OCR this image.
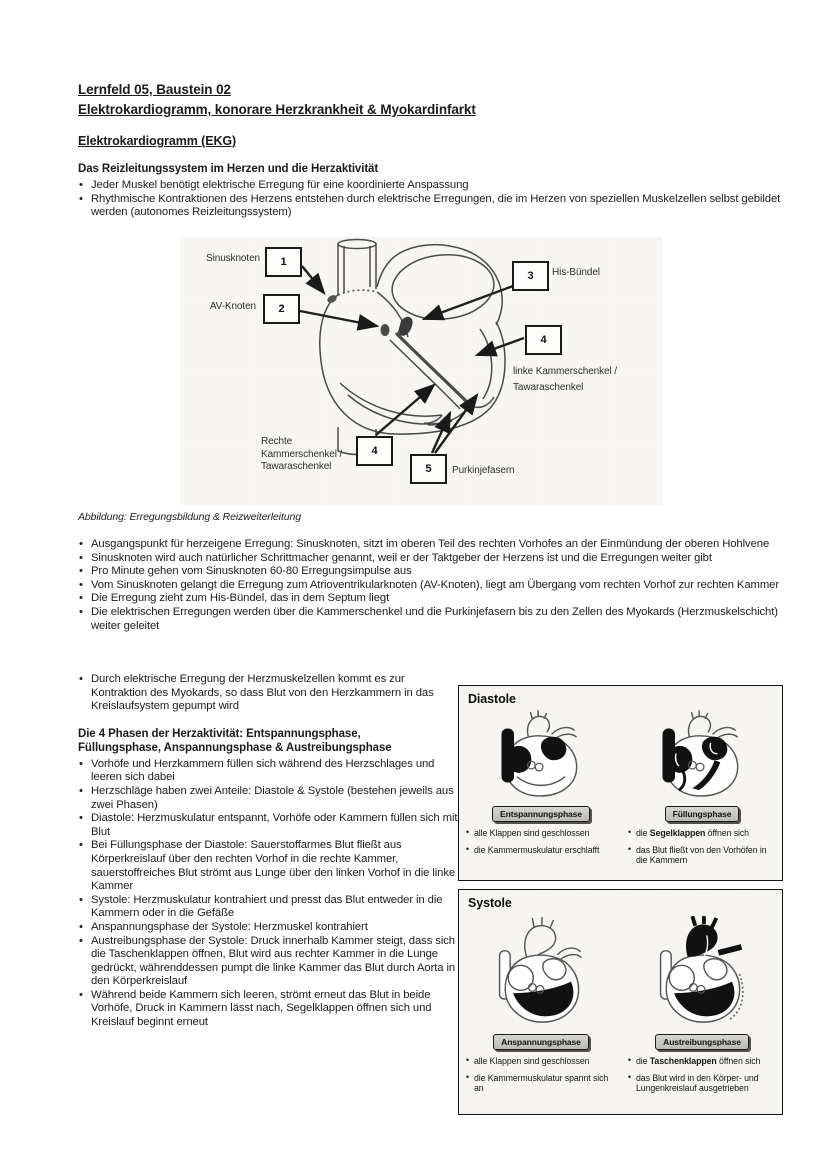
Lernfeld 05, Baustein 02
Elektrokardiogramm, konorare Herzkrankheit & Myokardinfarkt
Elektrokardiogramm (EKG)
Das Reizleitungssystem im Herzen und die Herzaktivität
• Jeder Muskel benötigt elektrische Erregung für eine koordinierte Anspassung
• Rhythmische Kontraktionen des Herzens entstehen durch elektrische Erregungen, die im Herzen von speziellen Muskelzellen selbst gebildet werden (autonomes Reizleitungssystem)
1
2
3
4
4
5
Sinusknoten
AV-Knoten
His-Bündel
linke Kammerschenkel /
Tawaraschenkel
Rechte
Kammerschenkel /
Tawaraschenkel	Purkinjefasern
Abbildung: Erregungsbildung & Reizweiterleitung
• Ausgangspunkt für herzeigene Erregung: Sinusknoten, sitzt im oberen Teil des rechten Vorhofes an der Einmündung der oberen Hohlvene
• Sinusknoten wird auch natürlicher Schrittmacher genannt, weil er der Taktgeber der Herzens ist und die Erregungen weiter gibt
• Pro Minute gehen vom Sinusknoten 60-80 Erregungsimpulse aus
• Vom Sinusknoten gelangt die Erregung zum Atrioventrikularknoten (AV-Knoten), liegt am Übergang vom rechten Vorhof zur rechten Kammer
• Die Erregung zieht zum His-Bündel, das in dem Septum liegt
• Die elektrischen Erregungen werden über die Kammerschenkel und die Purkinjefasern bis zu den Zellen des Myokards (Herzmuskelschicht) weiter geleitet
• Durch elektrische Erregung der Herzmuskelzellen kommt es zur Kontraktion des Myokards, so dass Blut von den Herzkammern in das Kreislaufsystem gepumpt wird
Die 4 Phasen der Herzaktivität: Entspannungsphase,
Füllungsphase, Anspannungsphase & Austreibungsphase
• Vorhöfe und Herzkammern füllen sich während des Herzschlages und leeren sich dabei
• Herzschläge haben zwei Anteile: Diastole & Systole (bestehen jeweils aus zwei Phasen)
• Diastole: Herzmuskulatur entspannt, Vorhöfe oder Kammern füllen sich mit Blut
• Bei Füllungsphase der Diastole: Sauerstoffarmes Blut fließt aus Körperkreislauf über den rechten Vorhof in die rechte Kammer, sauerstoffreiches Blut strömt aus Lunge über den linken Vorhof in die linke Kammer
• Systole: Herzmuskulatur kontrahiert und presst das Blut entweder in die Kammern oder in die Gefäße
• Anspannungsphase der Systole: Herzmuskel kontrahiert
• Austreibungsphase der Systole: Druck innerhalb Kammer steigt, dass sich die Taschenklappen öffnen, Blut wird aus rechter Kammer in die Lunge gedrückt, währenddessen pumpt die linke Kammer das Blut durch Aorta in den Körperkreislauf
• Während beide Kammern sich leeren, strömt erneut das Blut in beide Vorhöfe, Druck in Kammern lässt nach, Segelklappen öffnen sich und Kreislauf beginnt erneut
Diastole
Entspannungsphase
• alle Klappen sind geschlossen
• die Kammermuskulatur erschlafft
Füllungsphase
• die Segelklappen öffnen sich
• das Blut fließt von den Vorhöfen in die Kammern
Systole
Anspannungsphase
• alle Klappen sind geschlossen
• die Kammermuskulatur spannt sich an
Austreibungsphase
• die Taschenklappen öffnen sich
• das Blut wird in den Körper- und Lungenkreislauf ausgetrieben
